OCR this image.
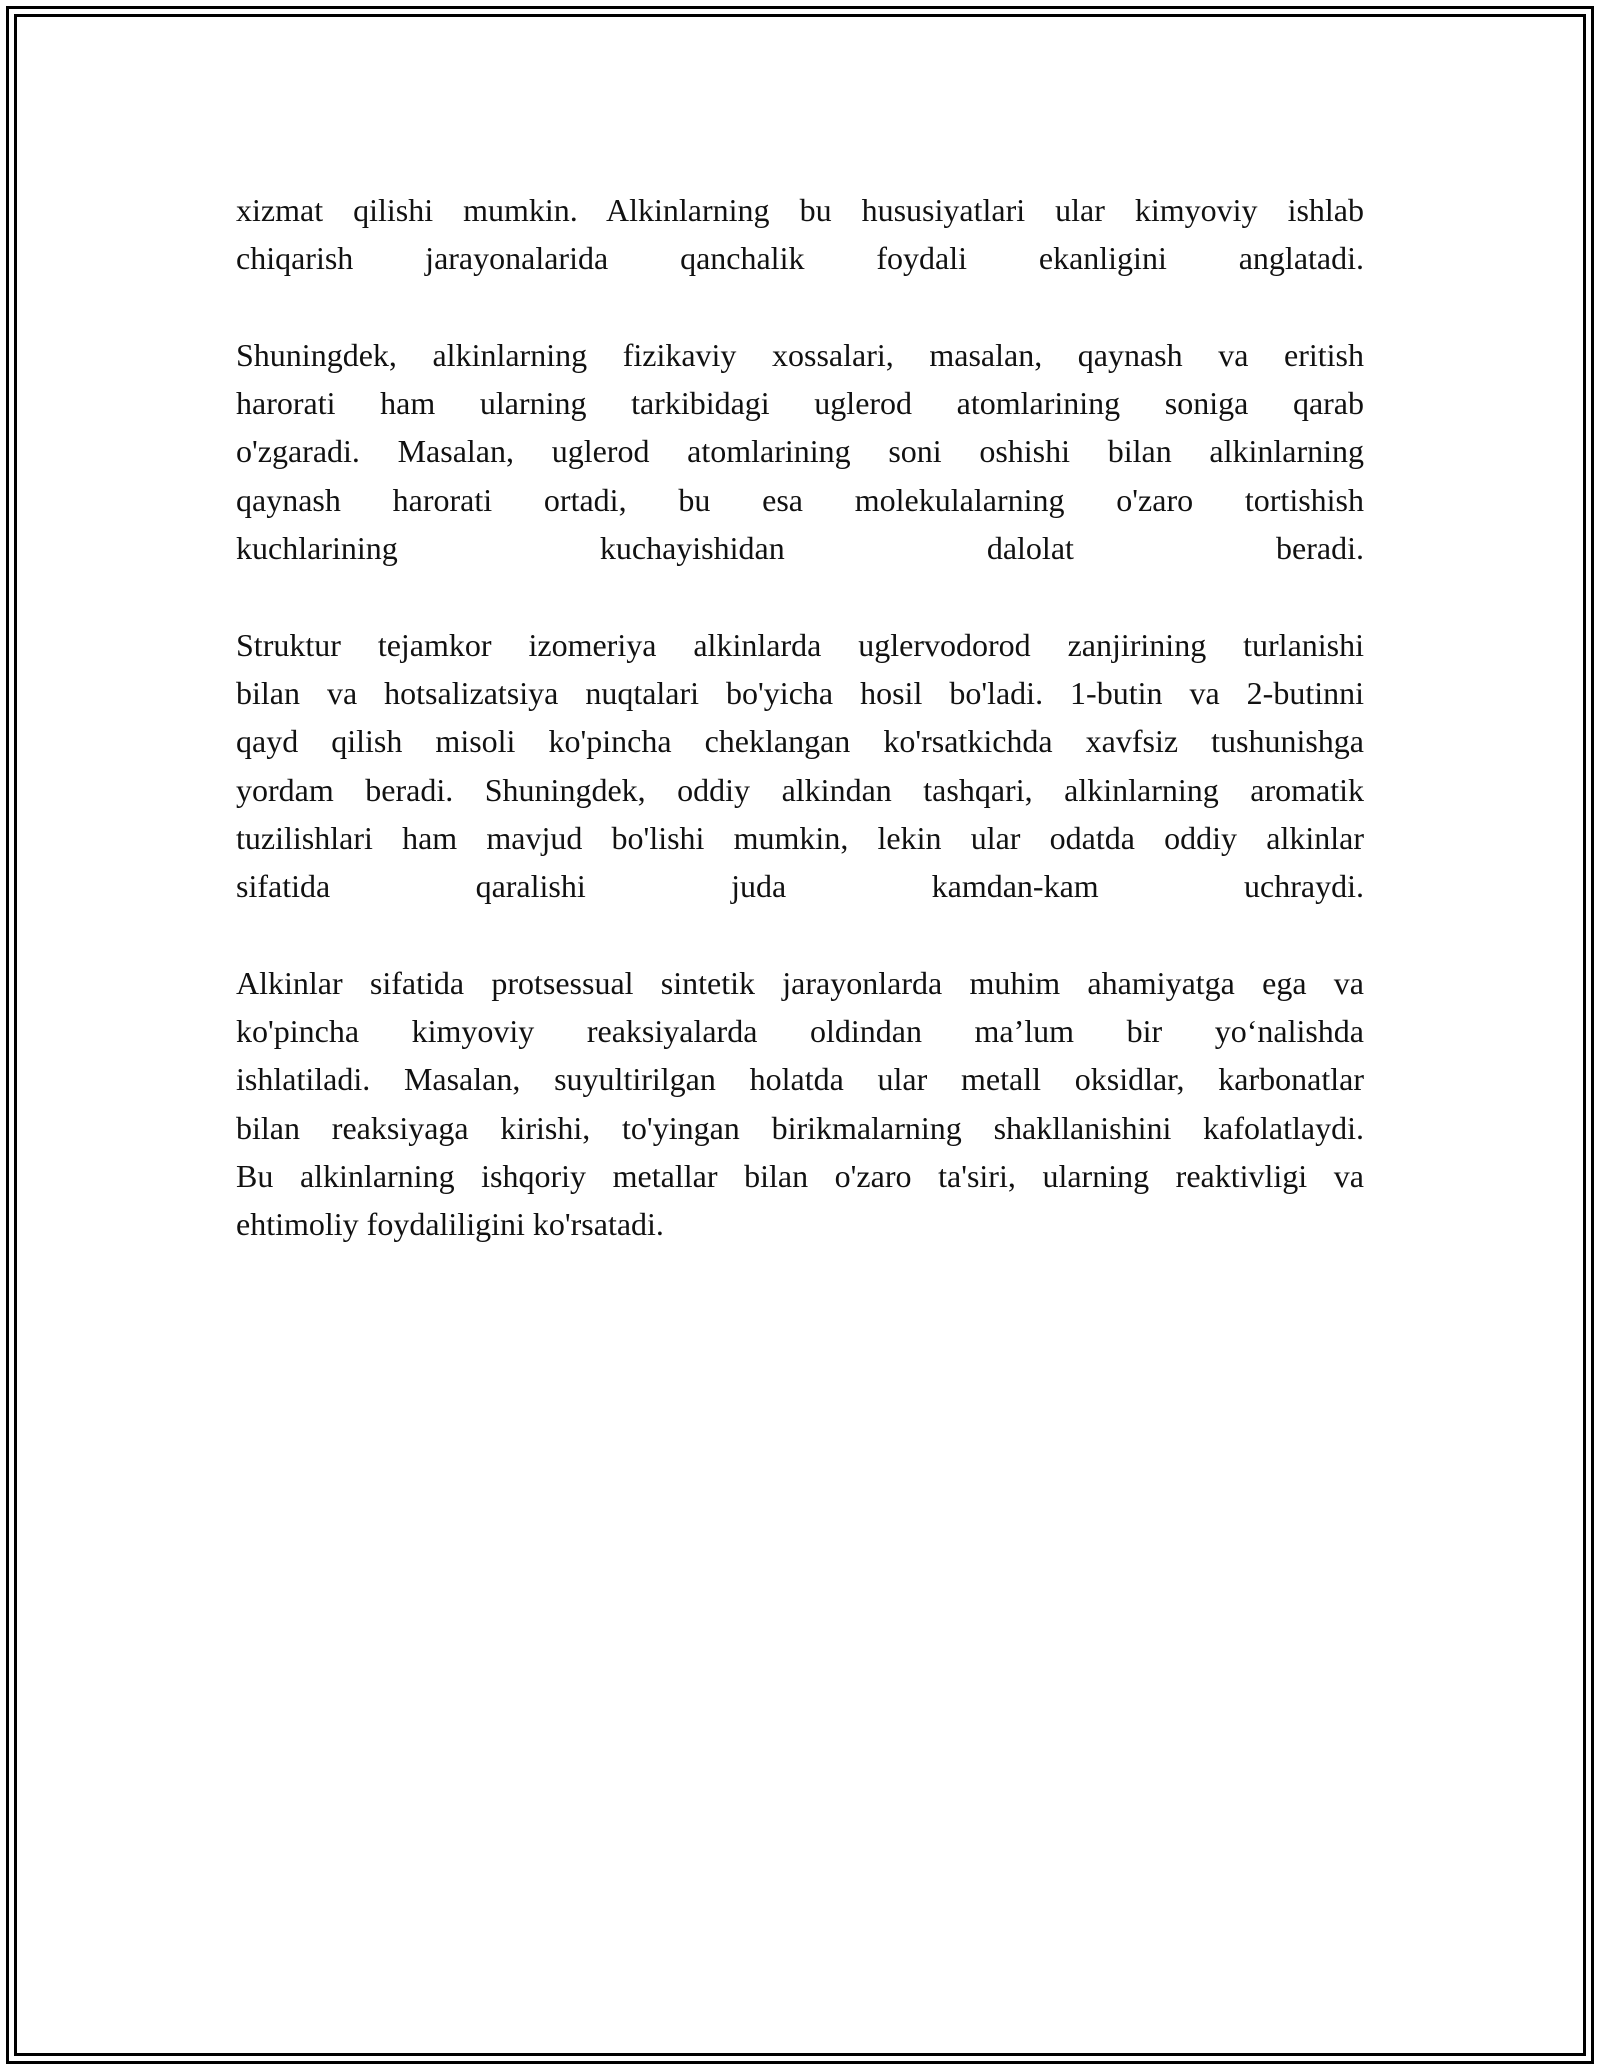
xizmat qilishi mumkin. Alkinlarning bu hususiyatlari ular kimyoviy ishlab
chiqarish jarayonalarida qanchalik foydali ekanligini anglatadi.

Shuningdek, alkinlarning fizikaviy xossalari, masalan, qaynash va eritish
harorati ham ularning tarkibidagi uglerod atomlarining soniga qarab
o'zgaradi. Masalan, uglerod atomlarining soni oshishi bilan alkinlarning
qaynash harorati ortadi, bu esa molekulalarning o'zaro tortishish
kuchlarining kuchayishidan dalolat beradi.

Struktur tejamkor izomeriya alkinlarda uglervodorod zanjirining turlanishi
bilan va hotsalizatsiya nuqtalari bo'yicha hosil bo'ladi. 1-butin va 2-butinni
qayd qilish misoli ko'pincha cheklangan ko'rsatkichda xavfsiz tushunishga
yordam beradi. Shuningdek, oddiy alkindan tashqari, alkinlarning aromatik
tuzilishlari ham mavjud bo'lishi mumkin, lekin ular odatda oddiy alkinlar
sifatida qaralishi juda kamdan-kam uchraydi.

Alkinlar sifatida protsessual sintetik jarayonlarda muhim ahamiyatga ega va
ko'pincha kimyoviy reaksiyalarda oldindan ma’lum bir yo‘nalishda
ishlatiladi. Masalan, suyultirilgan holatda ular metall oksidlar, karbonatlar
bilan reaksiyaga kirishi, to'yingan birikmalarning shakllanishini kafolatlaydi.
Bu alkinlarning ishqoriy metallar bilan o'zaro ta'siri, ularning reaktivligi va
ehtimoliy foydaliligini ko'rsatadi.
